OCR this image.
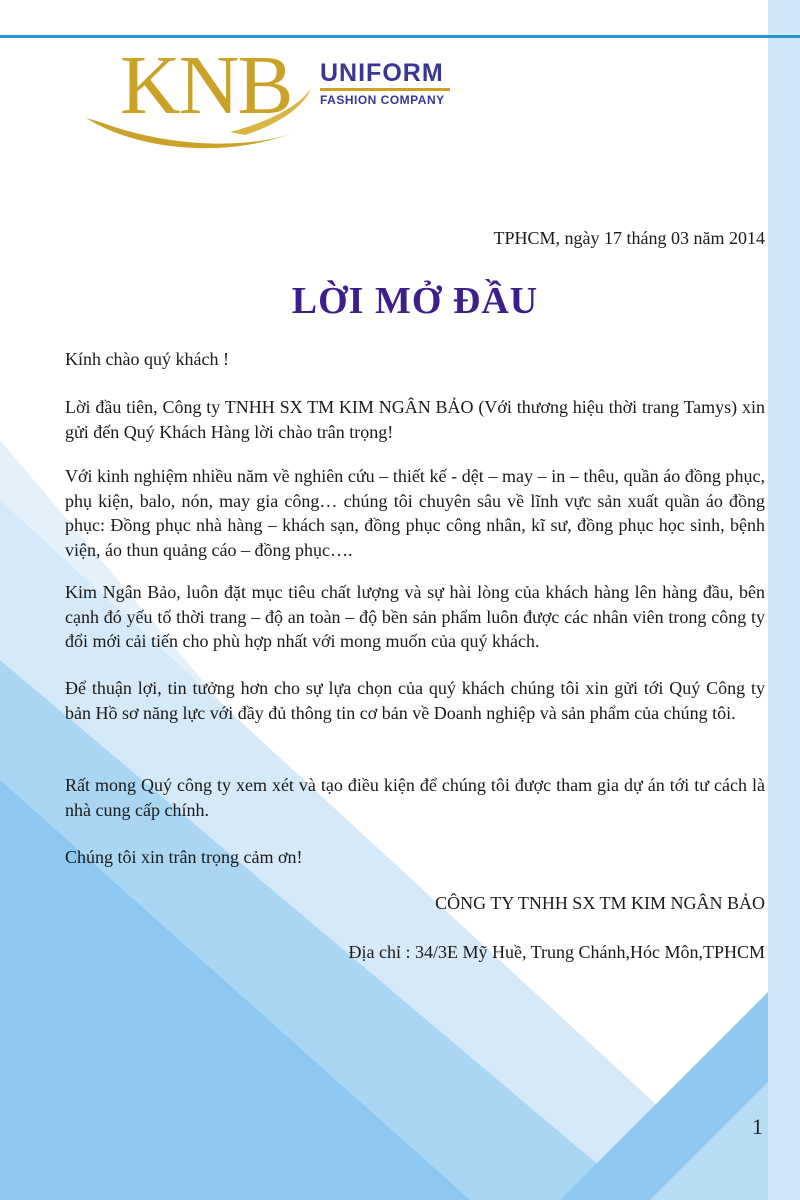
KNB UNIFORM
FASHION COMPANY
TPHCM, ngày 17 tháng 03 năm 2014
LỜI MỞ ĐẦU
Kính chào quý khách !
Lời đầu tiên, Công ty TNHH SX TM KIM NGÂN BẢO (Với thương hiệu thời trang Tamys) xin gửi đến Quý Khách Hàng lời chào trân trọng!
Với kinh nghiệm nhiều năm về nghiên cứu – thiết kế - dệt – may – in – thêu, quần áo đồng phục, phụ kiện, balo, nón, may gia công… chúng tôi chuyên sâu về lĩnh vực sản xuất quần áo đồng phục: Đồng phục nhà hàng – khách sạn, đồng phục công nhân, kĩ sư, đồng phục học sinh, bệnh viện, áo thun quảng cáo – đồng phục….
Kim Ngân Bảo, luôn đặt mục tiêu chất lượng và sự hài lòng của khách hàng lên hàng đầu, bên cạnh đó yếu tố thời trang – độ an toàn – độ bền sản phẩm luôn được các nhân viên trong công ty đổi mới cải tiến cho phù hợp nhất với mong muốn của quý khách.
Để thuận lợi, tin tưởng hơn cho sự lựa chọn của quý khách chúng tôi xin gửi tới Quý Công ty bản Hồ sơ năng lực với đầy đủ thông tin cơ bản về Doanh nghiệp và sản phẩm của chúng tôi.
Rất mong Quý công ty xem xét và tạo điều kiện để chúng tôi được tham gia dự án tới tư cách là nhà cung cấp chính.
Chúng tôi xin trân trọng cảm ơn!
CÔNG TY TNHH SX TM KIM NGÂN BẢO
Địa chỉ : 34/3E Mỹ Huề, Trung Chánh,Hóc Môn,TPHCM
1
